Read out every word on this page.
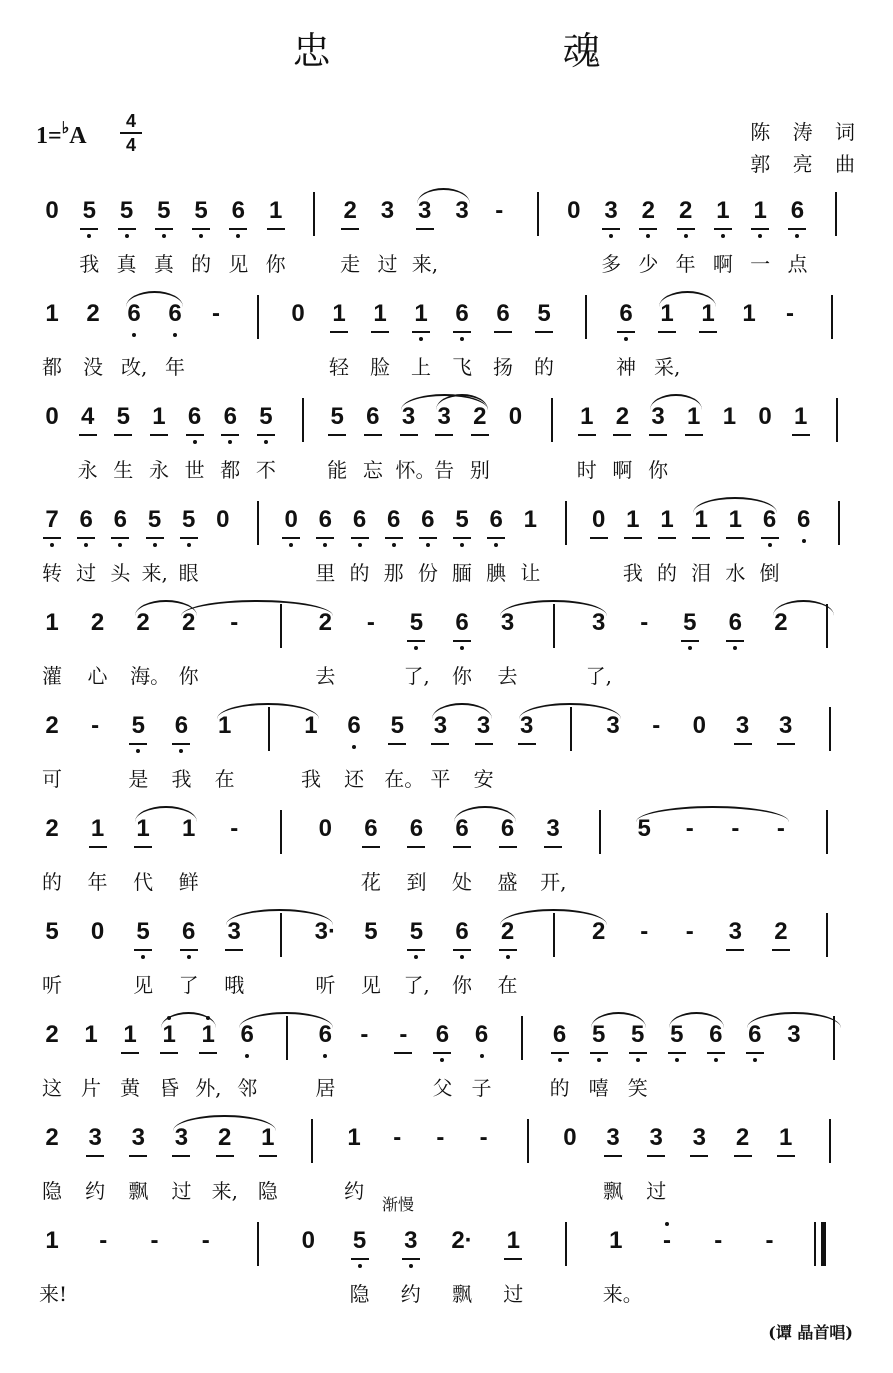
忠 魂
1=♭A
4
4
陈 涛 词
郭 亮 曲
0 5 5 5 5 6 1	2 3 3 3	-	0 3 2 2 1 1 6
我 真 真 的 见 你	走 过 来,	多 少 年 啊 一 点
1 2 6 6	-	0 1 1 1 6 6 5	6 1 1 1	-
都 没 改, 年	轻 脸 上 飞 扬 的	神 采,
0 4 5 1 6 6 5 5 6 3 3 2 0 1 2 3 1 1 0 1
永 生 永 世 都 不	能 忘 怀。
告 别	时 啊 你
7 6 6 5 5 0 0 6 6 6 6 5 6 1 0 1 1 1 1 6 6
转 过 头 来, 眼	里 的 那 份 腼 腆 让	我 的 泪 水 倒
1 2 2 2	-	2	-	5 6 3	3	-	5 6 2
灌 心 海。 你	去	了, 你 去	了,
2	-	5 6 1	1 6 5 3 3 3	3	-	0 3 3
可	是 我 在	我 还 在。 平 安
2 1 1 1	-	0 6 6 6 6 3	5	-	-	-
的 年 代 鲜	花 到 处 盛 开,
5 0 5 6 3	3· 5 5 6 2	2	-	-	3 2
听	见 了 哦	听 见 了, 你 在
2 1 1 1 1 6	6	-	-	6 6	6 5 5 5 6 6 3
这 片 黄 昏 外, 邻	居	父 子	的 嘻 笑
2 3 3 3 2 1	1	-	-	-	0 3 3 3 2 1
隐 约 飘 过 来, 隐	约	飘 过
1	-	-	-	0 5 3 2· 1	1	-	-	-
来!	隐 约 飘 过	来。
渐慢
(谭 晶首唱)
